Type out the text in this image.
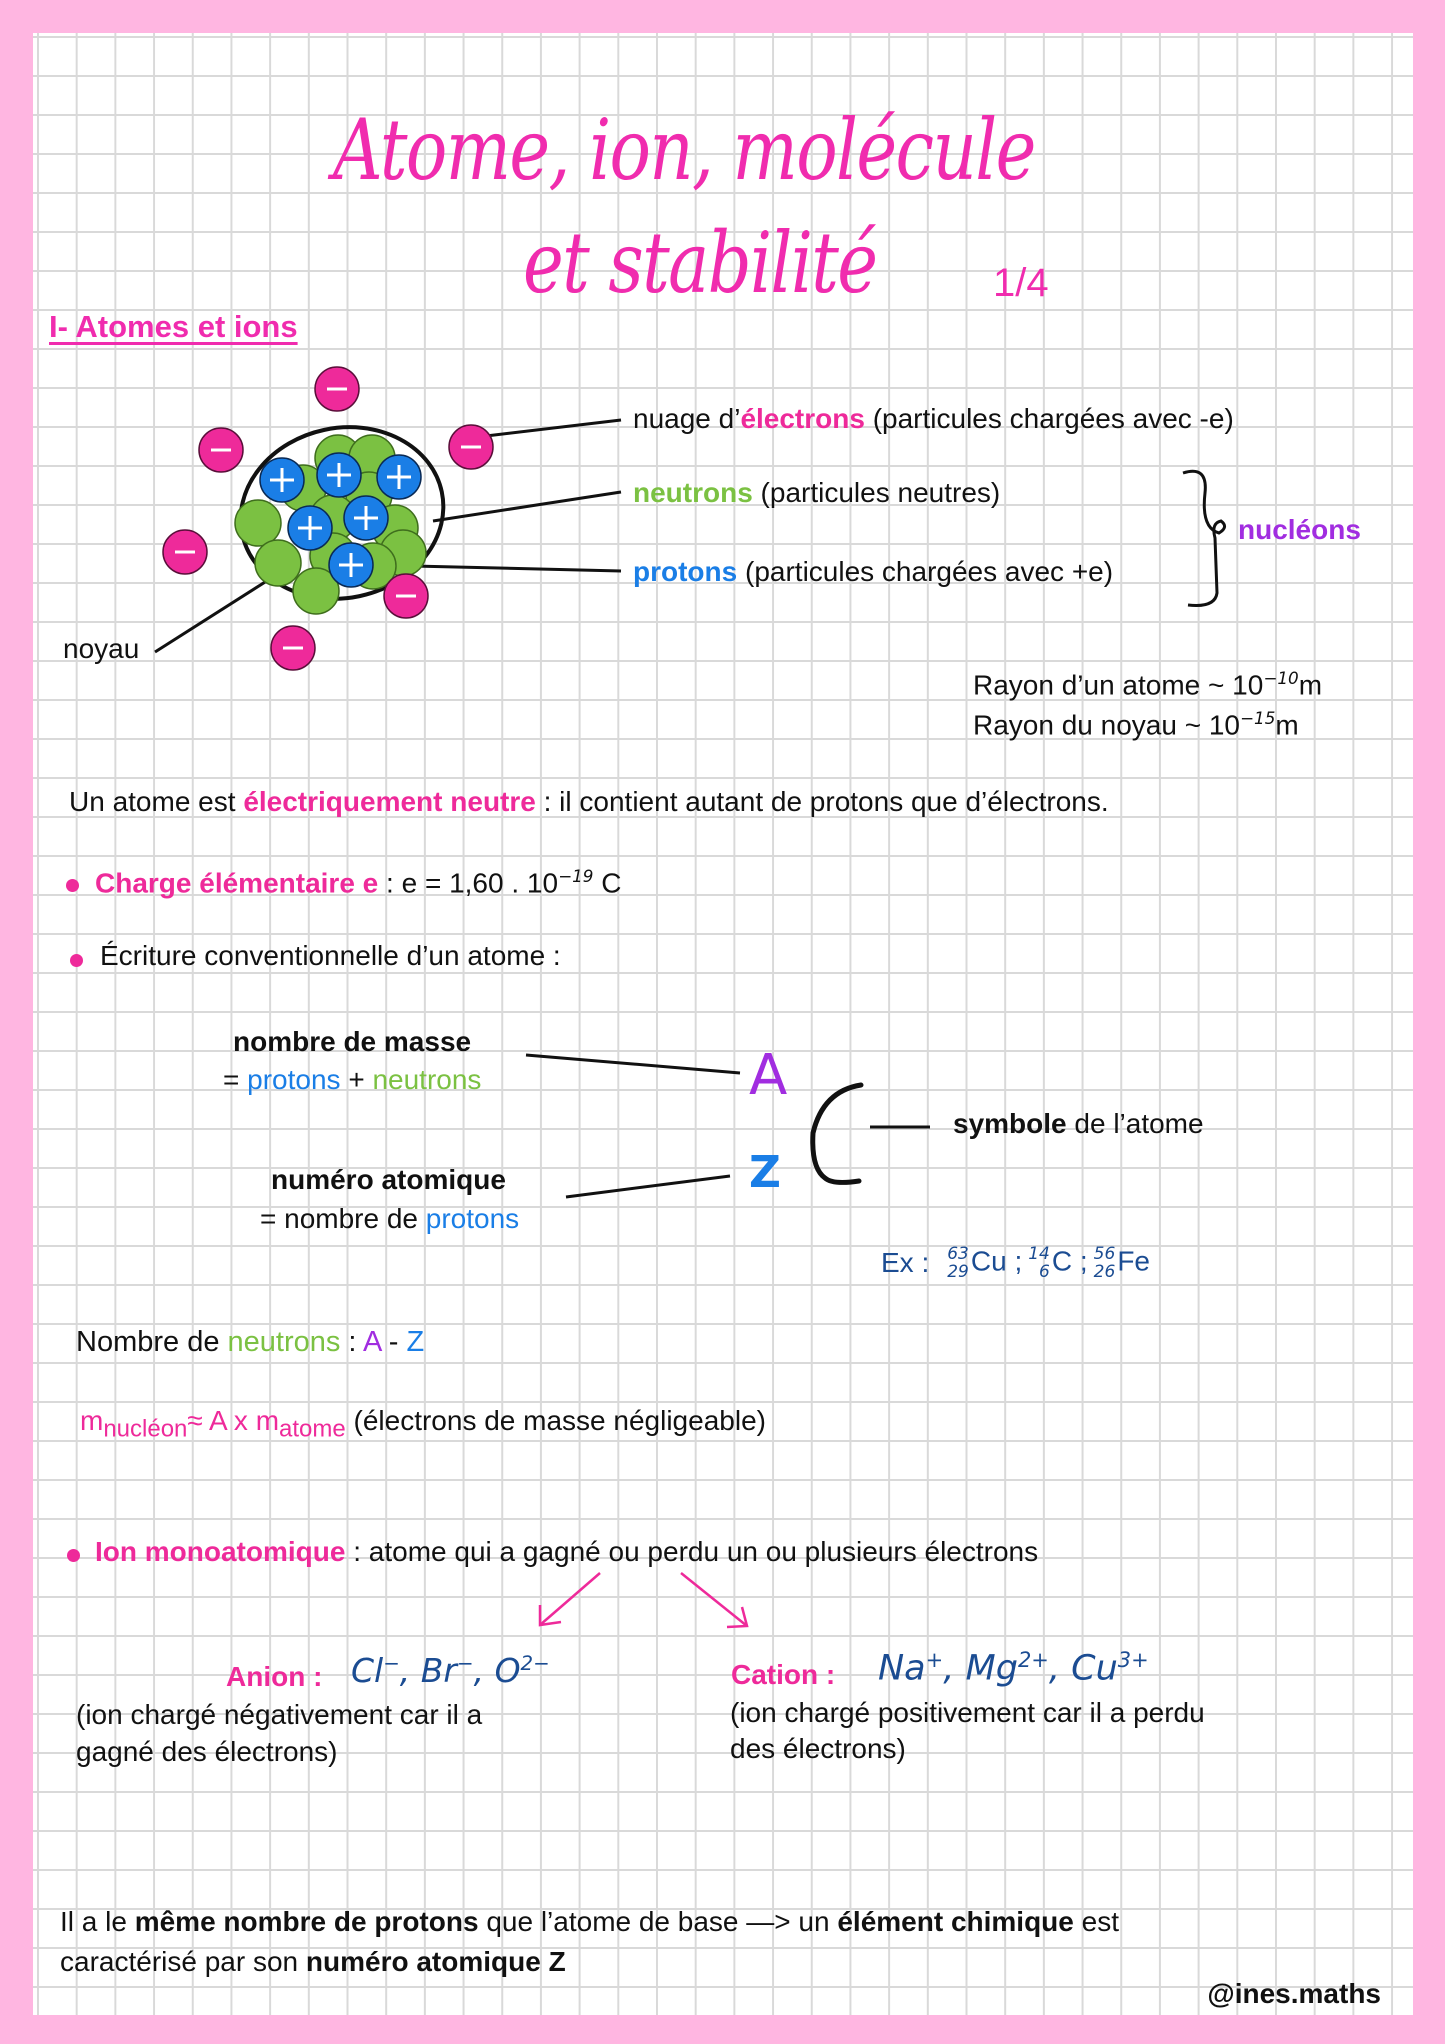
Atome, ion, molécule
et stabilité	1/4
I- Atomes et ions
nuage d’électrons (particules chargées avec -e)
neutrons (particules neutres)
protons (particules chargées avec +e)
nucléons
noyau
Rayon d’un atome ~ $10^{-10}m$
Rayon du noyau ~ $10^{-15}m$
Un atome est électriquement neutre : il contient autant de protons que d’électrons.
Charge élémentaire e : e = 1,60 . $10^{-19}$ C
Écriture conventionnelle d’un atome :
nombre de masse
= protons + neutrons	A
Z
symbole de l’atome
numéro atomique
= nombre de protons
Ex : 63
29 Cu ; 14
6 C ; 56
26 Fe
Nombre de neutrons : A - Z
$m_{nucléon}\approx A$ x $m_{atome}$ (électrons de masse négligeable)
Ion monoatomique : atome qui a gagné ou perdu un ou plusieurs électrons
Anion : Cl−, Br−, $O^{2-}$
(ion chargé négativement car il a
gagné des électrons)
Cation : Na+, $Mg^{2+}$, $Cu^{3+}$
(ion chargé positivement car il a perdu
des électrons)
Il a le même nombre de protons que l’atome de base —> un élément chimique est
caractérisé par son numéro atomique Z
@ines.maths
